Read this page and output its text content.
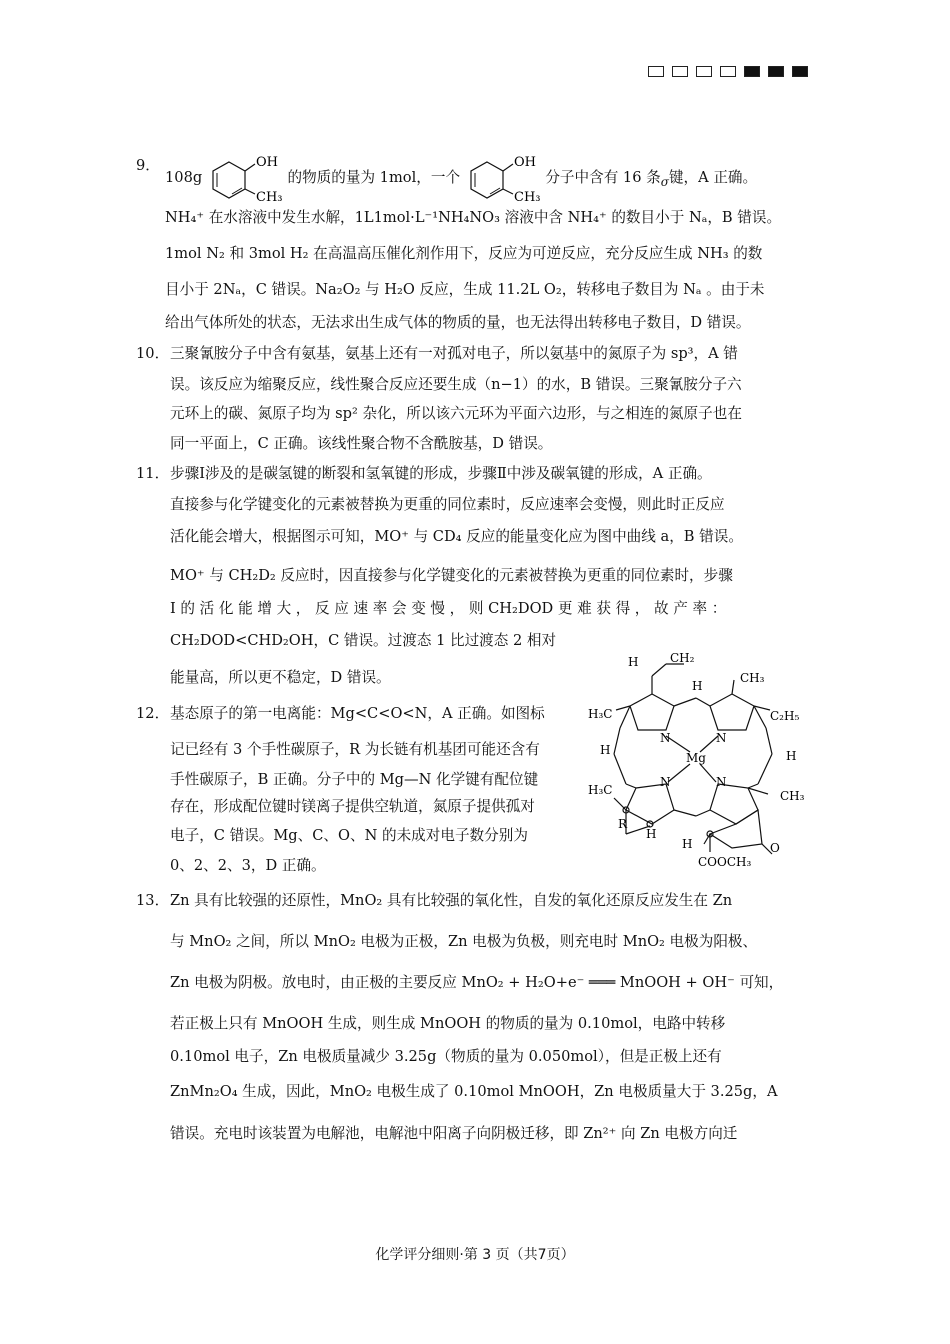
9．
108g
OH
CH₃
的物质的量为 1mol，一个
OH
CH₃
分子中含有 16 条$_\sigma$键，A 正确。
NH₄⁺ 在水溶液中发生水解，1L1mol·L⁻¹NH₄NO₃ 溶液中含 NH₄⁺ 的数目小于 Nₐ，B 错误。
1mol N₂ 和 3mol H₂ 在高温高压催化剂作用下，反应为可逆反应，充分反应生成 NH₃ 的数
目小于 2Nₐ，C 错误。Na₂O₂ 与 H₂O 反应，生成 11.2L O₂，转移电子数目为 Nₐ 。由于未
给出气体所处的状态，无法求出生成气体的物质的量，也无法得出转移电子数目，D 错误。
10． 三聚氰胺分子中含有氨基，氨基上还有一对孤对电子，所以氨基中的氮原子为 sp³，A 错
误。该反应为缩聚反应，线性聚合反应还要生成（n−1）的水，B 错误。三聚氰胺分子六
元环上的碳、氮原子均为 sp² 杂化，所以该六元环为平面六边形，与之相连的氮原子也在
同一平面上，C 正确。该线性聚合物不含酰胺基，D 错误。
11． 步骤Ⅰ涉及的是碳氢键的断裂和氢氧键的形成，步骤Ⅱ中涉及碳氧键的形成，A 正确。
直接参与化学键变化的元素被替换为更重的同位素时，反应速率会变慢，则此时正反应
活化能会增大，根据图示可知，MO⁺ 与 CD₄ 反应的能量变化应为图中曲线 a，B 错误。
MO⁺ 与 CH₂D₂ 反应时，因直接参与化学键变化的元素被替换为更重的同位素时，步骤
Ⅰ 的 活 化 能 增 大 ， 反 应 速 率 会 变 慢 ， 则 CH₂DOD 更 难 获 得 ， 故 产 率 ：
CH₂DOD<CHD₂OH，C 错误。过渡态 1 比过渡态 2 相对
能量高，所以更不稳定，D 错误。
12． 基态原子的第一电离能：Mg<C<O<N，A 正确。如图标
记已经有 3 个手性碳原子，R 为长链有机基团可能还含有
手性碳原子，B 正确。分子中的 Mg—N 化学键有配位键
存在，形成配位键时镁离子提供空轨道，氮原子提供孤对
电子，C 错误。Mg、C、O、N 的未成对电子数分别为
0、2、2、3，D 正确。
H	CH₂
H
CH₃
H₃C	C₂H₅
H	H
Mg
N	N
N	N
H₃C	CH₃
R
H
H	O
COOCH₃
13． Zn 具有比较强的还原性，MnO₂ 具有比较强的氧化性，自发的氧化还原反应发生在 Zn
与 MnO₂ 之间，所以 MnO₂ 电极为正极，Zn 电极为负极，则充电时 MnO₂ 电极为阳极、
Zn 电极为阴极。放电时，由正极的主要反应 MnO₂ + H₂O+e⁻ ═══ MnOOH + OH⁻ 可知，
若正极上只有 MnOOH 生成，则生成 MnOOH 的物质的量为 0.10mol，电路中转移
0.10mol 电子，Zn 电极质量减少 3.25g（物质的量为 0.050mol），但是正极上还有
ZnMn₂O₄ 生成，因此，MnO₂ 电极生成了 0.10mol MnOOH，Zn 电极质量大于 3.25g，A
错误。充电时该装置为电解池，电解池中阳离子向阴极迁移，即 Zn²⁺ 向 Zn 电极方向迁
化学评分细则·第 3 页（共7页）
